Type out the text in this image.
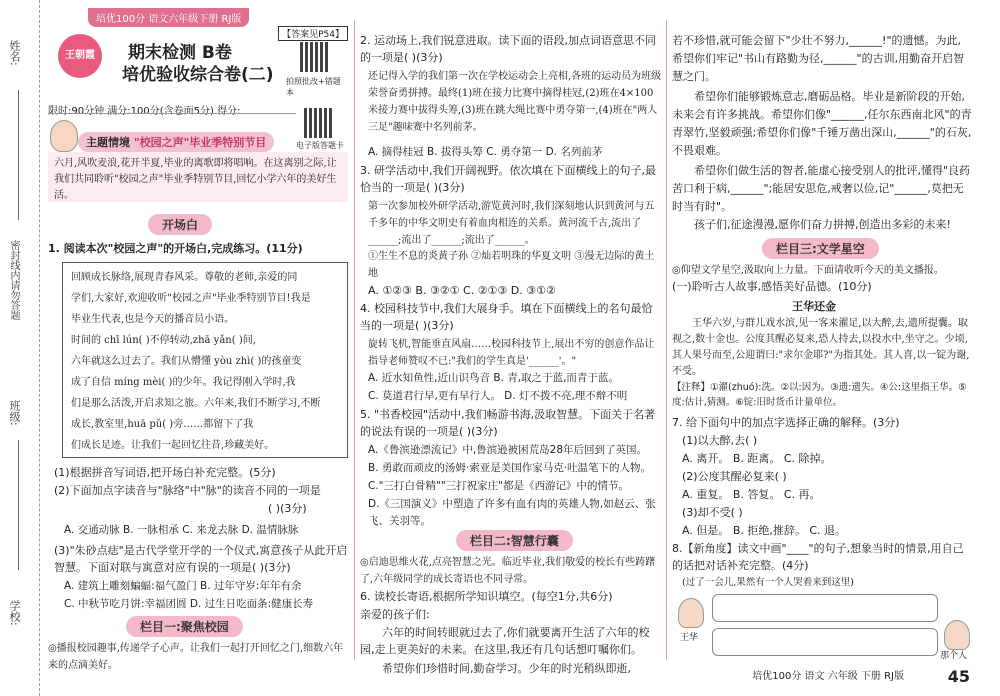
姓名:
密封线内请勿答题
班级:
学校:
培优100分 语文六年级下册 RJ版
【答案见P54】
王朝霞	期末检测 B卷
培优验收综合卷(二) 拍照批改+错题本
电子版答题卡
限时:90分钟 满分:100分(含卷面5分) 得分:
主题情境 "校园之声"毕业季特别节目
六月,风吹麦浪,花开半夏,毕业的离歌即将唱响。在这离别之际,让我们共同聆听"校园之声"毕业季特别节目,回忆小学六年的美好生活。
开场白
1. 阅读本次"校园之声"的开场白,完成练习。(11分)
回顾成长脉络,展现青春风采。尊敬的老师,亲爱的同
学们,大家好,欢迎收听"校园之声"毕业季特别节目!我是
毕业生代表,也是今天的播音员小语。
时间的 chī lún( )不停转动,zhā yǎn( )间,
六年就这么过去了。我们从懵懂 yòu zhì( )的孩童变
成了自信 míng mèi( )的少年。我记得刚入学时,我
们是那么活泼,开启求知之旅。六年来,我们不断学习,不断
成长,教室里,huā pǔ( )旁……都留下了我
们成长足迹。让我们一起回忆往昔,珍藏美好。
(1)根据拼音写词语,把开场白补充完整。(5分)
(2)下面加点字读音与"脉络"中"脉"的读音不同的一项是
( )(3分)
A. 交通动脉 B. 一脉相承 C. 来龙去脉 D. 温情脉脉
(3)"朱砂点痣"是古代学堂开学的一个仪式,寓意孩子从此开启智慧。下面对联与寓意对应有误的一项是( )(3分)
A. 建筑上雕刻蝙蝠:福气盈门 B. 过年守岁:年年有余
C. 中秋节吃月饼:幸福团圆 D. 过生日吃面条:健康长寿
栏目一:聚焦校园
◎播报校园趣事,传递学子心声。让我们一起打开回忆之门,细数六年来的点滴美好。
2. 运动场上,我们锐意进取。读下面的语段,加点词语意思不同的一项是( )(3分)
还记得入学的我们第一次在学校运动会上亮相,各班的运动员为班级荣誉奋勇拼搏。最终(1)班在接力比赛中摘得桂冠,(2)班在4×100米接力赛中拔得头筹,(3)班在跳大绳比赛中勇夺第一,(4)班在"两人三足"趣味赛中名列前茅。
A. 摘得桂冠 B. 拔得头筹 C. 勇夺第一 D. 名列前茅
3. 研学活动中,我们开阔视野。依次填在下面横线上的句子,最恰当的一项是( )(3分)
第一次参加校外研学活动,游览黄河时,我们深刻地认识到黄河与五千多年的中华文明史有着血肉相连的关系。黄河流千古,流出了______;流出了______;流出了______。
①生生不息的炎黄子孙 ②灿若明珠的华夏文明 ③漫无边际的黄土地
A. ①②③ B. ③②① C. ②①③ D. ③①②
4. 校园科技节中,我们大展身手。填在下面横线上的名句最恰当的一项是( )(3分)
旋转飞机,智能垂直风扇……校园科技节上,展出不穷的创意作品让指导老师赞叹不已:"我们的学生真是'______'。"
A. 近水知鱼性,近山识鸟音 B. 青,取之于蓝,而青于蓝。
C. 莫道君行早,更有早行人。 D. 灯不拨不亮,理不辩不明
5. "书香校园"活动中,我们畅游书海,汲取智慧。下面关于名著的说法有误的一项是( )(3分)
A.《鲁滨逊漂流记》中,鲁滨逊被困荒岛28年后回到了英国。
B. 勇敢而顽皮的汤姆·索亚是美国作家马克·吐温笔下的人物。
C."三打白骨精""三打祝家庄"都是《西游记》中的情节。
D.《三国演义》中塑造了许多有血有肉的英雄人物,如赵云、张飞、关羽等。
栏目二:智慧行囊
◎启迪思维火花,点亮智慧之光。临近毕业,我们敬爱的校长有些踌躇了,六年级同学的成长寄语也不同寻常。
6. 读校长寄语,根据所学知识填空。(每空1分,共6分)
亲爱的孩子们:
六年的时间转眼就过去了,你们就要离开生活了六年的校园,走上更美好的未来。在这里,我还有几句话想叮嘱你们。
希望你们珍惜时间,勤奋学习。少年的时光稍纵即逝,
若不珍惜,就可能会留下"少壮不努力,______!"的遗憾。为此,希望你们牢记"书山有路勤为径,______"的古训,用勤奋开启智慧之门。
希望你们能够锻炼意志,磨砺品格。毕业是新阶段的开始,未来会有许多挑战。希望你们像"______,任尔东西南北风"的青青翠竹,坚毅顽强;希望你们像"千锤万凿出深山,______"的石灰,不畏艰难。
希望你们做生活的智者,能虚心接受别人的批评,懂得"良药苦口利于病,______";能居安思危,戒奢以俭,记"______,莫把无时当有时"。
孩子们,征途漫漫,愿你们奋力拼搏,创造出多彩的未来!
栏目三:文学星空
◎仰望文学星空,汲取向上力量。下面请收听今天的美文播报。
(一)聆听古人故事,感悟美好品德。(10分)
王华还金
王华六岁,与群儿戏水滨,见一客来濯足,以大醉,去,遗所提囊。取视之,数十金也。公度其醒必复来,恐人持去,以投水中,坐守之。少顷,其人果号而至,公迎谓曰:"求尔金耶?"为指其处。其人喜,以一锭为谢,不受。
【注释】①濯(zhuó):洗。②以:因为。③遗:遗失。④公:这里指王华。⑤度:估计,猜测。⑥锭:旧时货币计量单位。
7. 给下面句中的加点字选择正确的解释。(3分)
(1)以大醉,去( )
A. 离开。 B. 距离。 C. 除掉。
(2)公度其醒必复来( )
A. 重复。 B. 答复。 C. 再。
(3)却不受( )
A. 但是。 B. 拒绝,推辞。 C. 退。
8.【新角度】读文中画"____"的句子,想象当时的情景,用自己的话把对话补充完整。(4分)
(过了一会儿,果然有一个人哭着来到这里)
王华
那个人
培优100分 语文 六年级 下册 RJ版	45
